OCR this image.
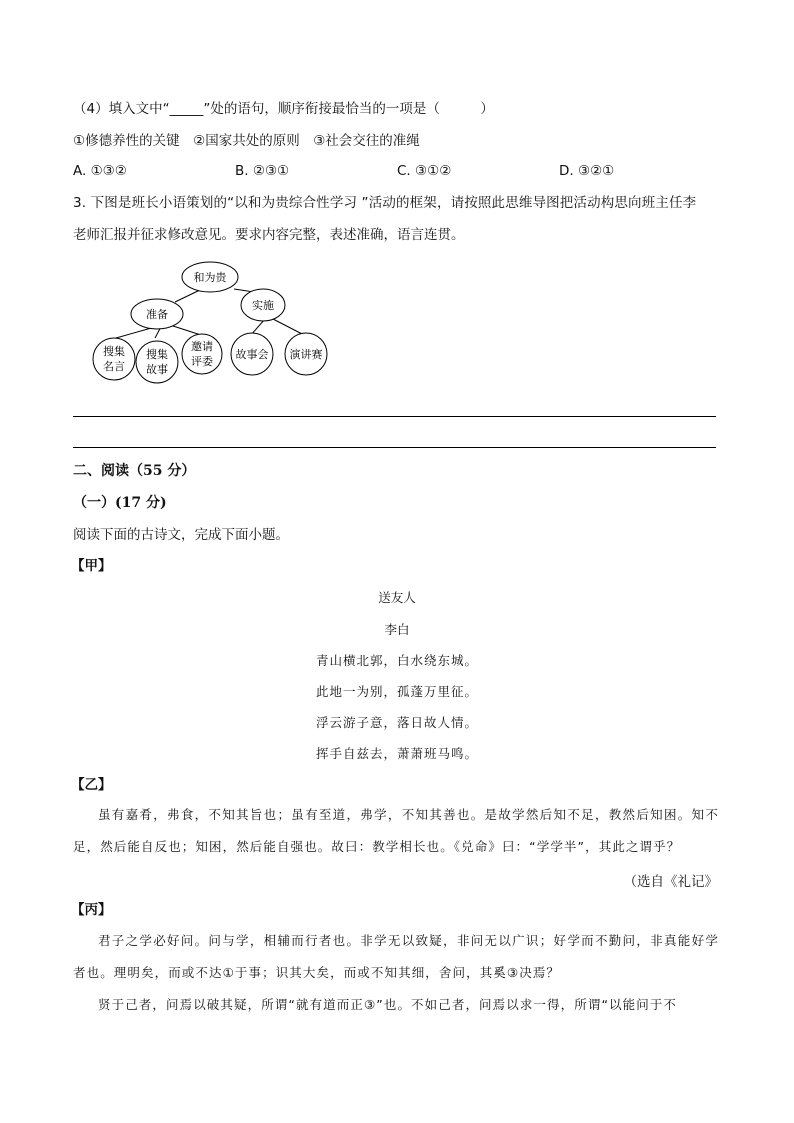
（4）填入文中“_____”处的语句，顺序衔接最恰当的一项是（　　　）
①修德养性的关键　②国家共处的原则　③社会交往的准绳
A. ①③②	B. ②③①	C. ③①②	D. ③②①
3. 下图是班长小语策划的“以和为贵综合性学习 ”活动的框架，请按照此思维导图把活动构思向班主任李
老师汇报并征求修改意见。要求内容完整，表述准确，语言连贯。
和为贵
准备
实施
搜集
名言
搜集
故事
邀请
评委
故事会 演讲赛
二、阅读（55 分）
（一）(17 分)
阅读下面的古诗文，完成下面小题。
【甲】
送友人
李白
青山横北郭，白水绕东城。
此地一为别，孤蓬万里征。
浮云游子意，落日故人情。
挥手自兹去，萧萧班马鸣。
【乙】
虽有嘉肴，弗食，不知其旨也；虽有至道，弗学，不知其善也。是故学然后知不足，教然后知困。知不足，然后能自反也；知困，然后能自强也。故曰：教学相长也。《兑命》曰：“学学半”，其此之谓乎？
（选自《礼记》
【丙】
君子之学必好问。问与学，相辅而行者也。非学无以致疑，非问无以广识；好学而不勤问，非真能好学者也。理明矣，而或不达①于事；识其大矣，而或不知其细，舍问，其奚③决焉？
贤于己者，问焉以破其疑，所谓“就有道而正③”也。不如己者，问焉以求一得，所谓“以能问于不
